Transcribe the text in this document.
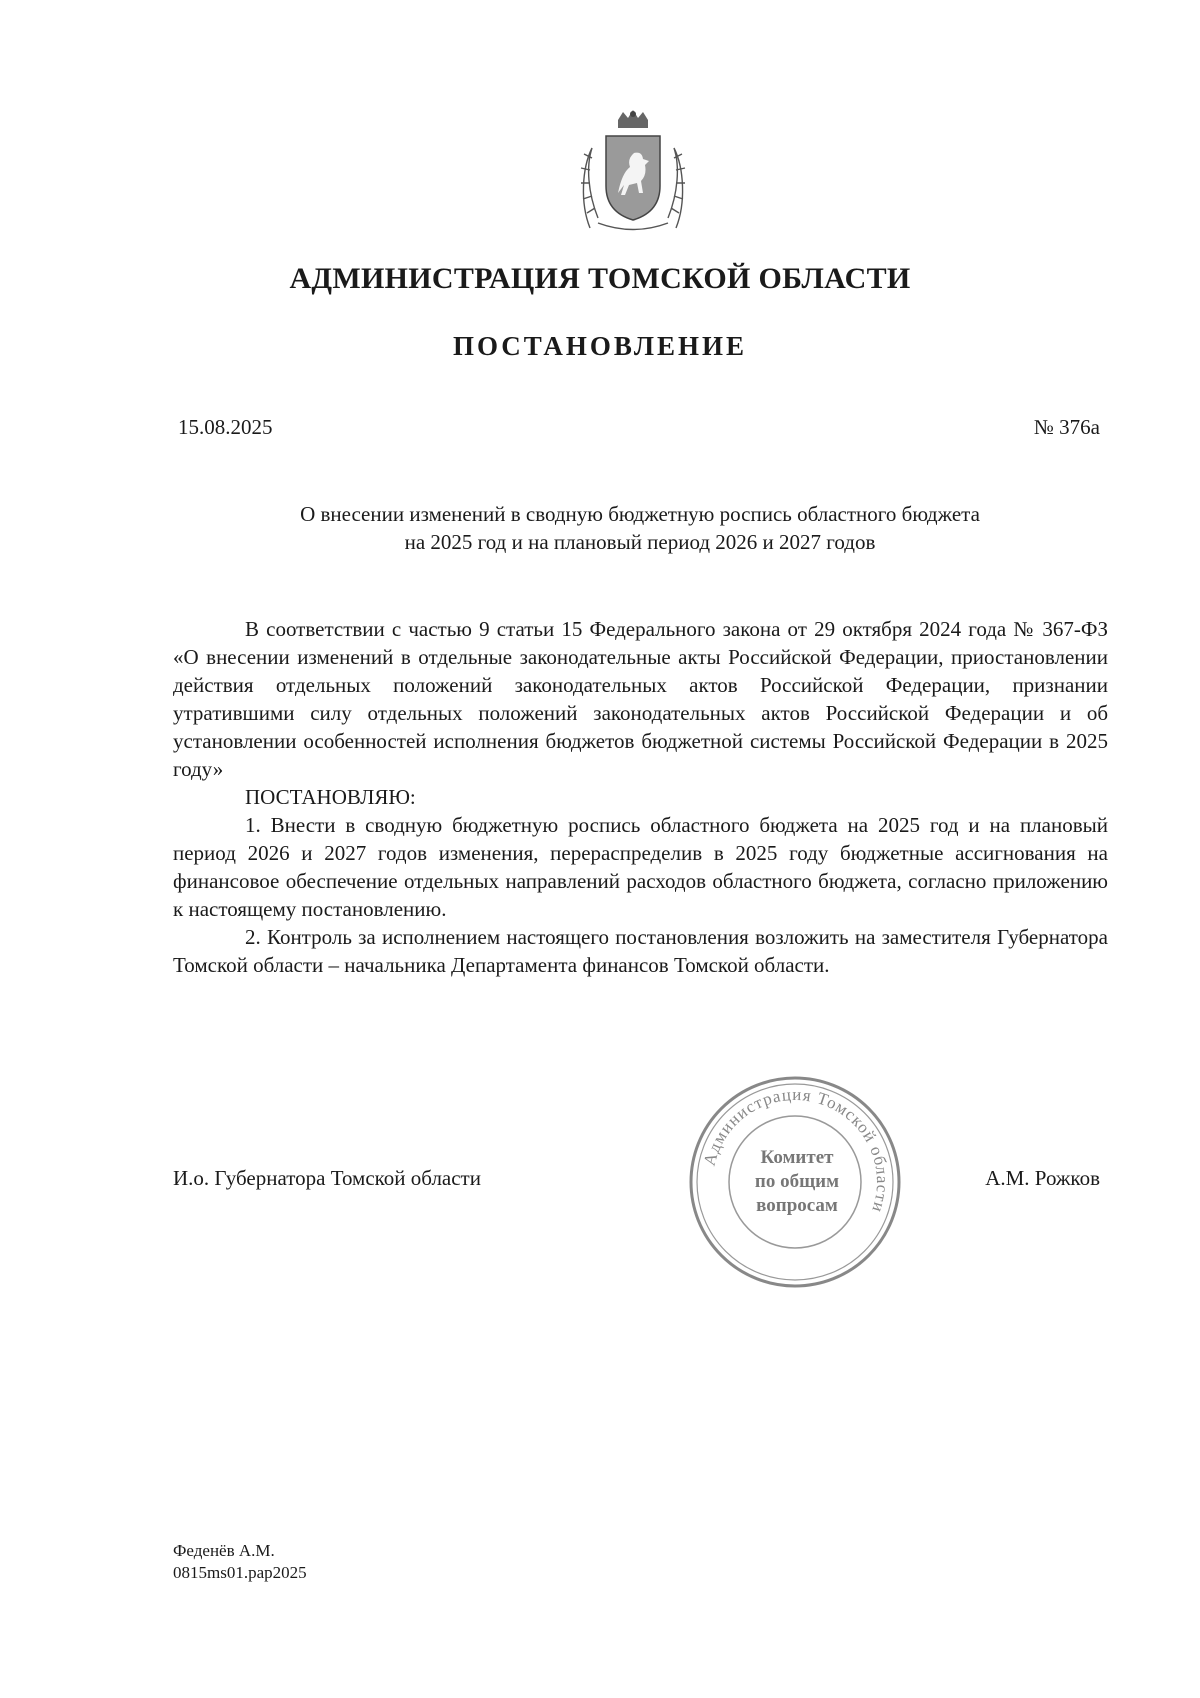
АДМИНИСТРАЦИЯ ТОМСКОЙ ОБЛАСТИ
ПОСТАНОВЛЕНИЕ
15.08.2025	№ 376а
О внесении изменений в сводную бюджетную роспись областного бюджета
на 2025 год и на плановый период 2026 и 2027 годов

В соответствии с частью 9 статьи 15 Федерального закона от 29 октября 2024 года № 367-ФЗ «О внесении изменений в отдельные законодательные акты Российской Федерации, приостановлении действия отдельных положений законодательных актов Российской Федерации, признании утратившими силу отдельных положений законодательных актов Российской Федерации и об установлении особенностей исполнения бюджетов бюджетной системы Российской Федерации в 2025 году»

ПОСТАНОВЛЯЮ:

1. Внести в сводную бюджетную роспись областного бюджета на 2025 год и на плановый период 2026 и 2027 годов изменения, перераспределив в 2025 году бюджетные ассигнования на финансовое обеспечение отдельных направлений расходов областного бюджета, согласно приложению к настоящему постановлению.

2. Контроль за исполнением настоящего постановления возложить на заместителя Губернатора Томской области – начальника Департамента финансов Томской области.

И.о. Губернатора Томской области	А.М. Рожков
Администрация Томской области
Комитет
по общим
вопросам
Феденёв А.М.
0815ms01.pap2025
